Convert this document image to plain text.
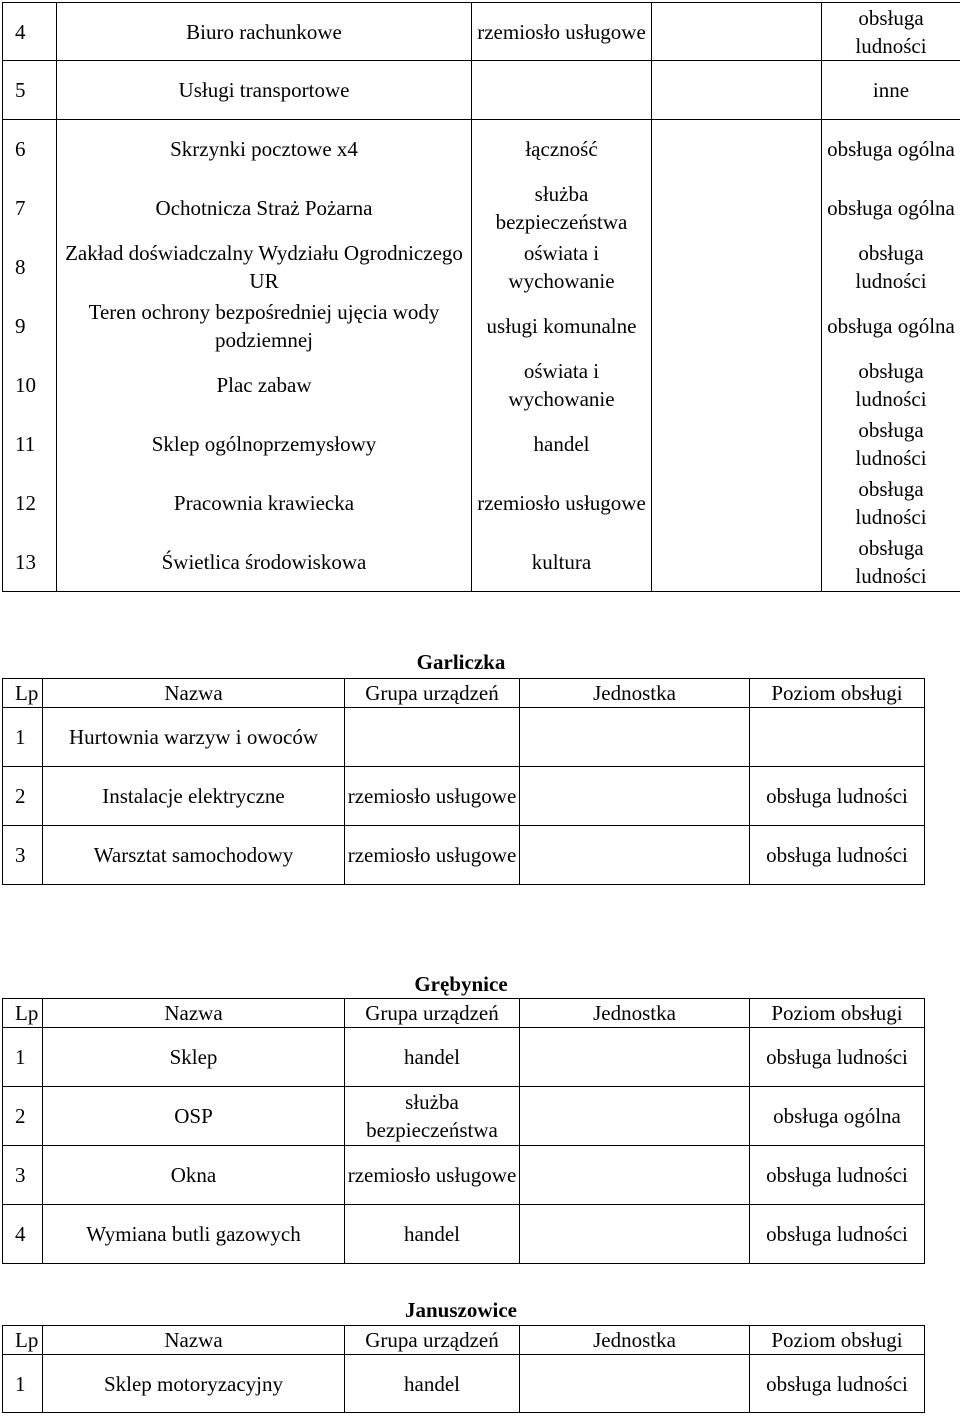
4	Biuro rachunkowe	rzemiosło usługowe		obsługa ludności
5	Usługi transportowe			inne
6	Skrzynki pocztowe x4	łączność		obsługa ogólna
7	Ochotnicza Straż Pożarna	służba bezpieczeństwa		obsługa ogólna
8	Zakład doświadczalny Wydziału Ogrodniczego UR	oświata i wychowanie		obsługa ludności
9	Teren ochrony bezpośredniej ujęcia wody podziemnej	usługi komunalne		obsługa ogólna
10	Plac zabaw	oświata i wychowanie		obsługa ludności
11	Sklep ogólnoprzemysłowy	handel		obsługa ludności
12	Pracownia krawiecka	rzemiosło usługowe		obsługa ludności
13	Świetlica środowiskowa	kultura		obsługa ludności
Garliczka
Lp	Nazwa	Grupa urządzeń	Jednostka	Poziom obsługi
1	Hurtownia warzyw i owoców			
2	Instalacje elektryczne	rzemiosło usługowe		obsługa ludności
3	Warsztat samochodowy	rzemiosło usługowe		obsługa ludności
Grębynice
Lp	Nazwa	Grupa urządzeń	Jednostka	Poziom obsługi
1	Sklep	handel		obsługa ludności
2	OSP	służba bezpieczeństwa		obsługa ogólna
3	Okna	rzemiosło usługowe		obsługa ludności
4	Wymiana butli gazowych	handel		obsługa ludności
Januszowice
Lp	Nazwa	Grupa urządzeń	Jednostka	Poziom obsługi
1	Sklep motoryzacyjny	handel		obsługa ludności
